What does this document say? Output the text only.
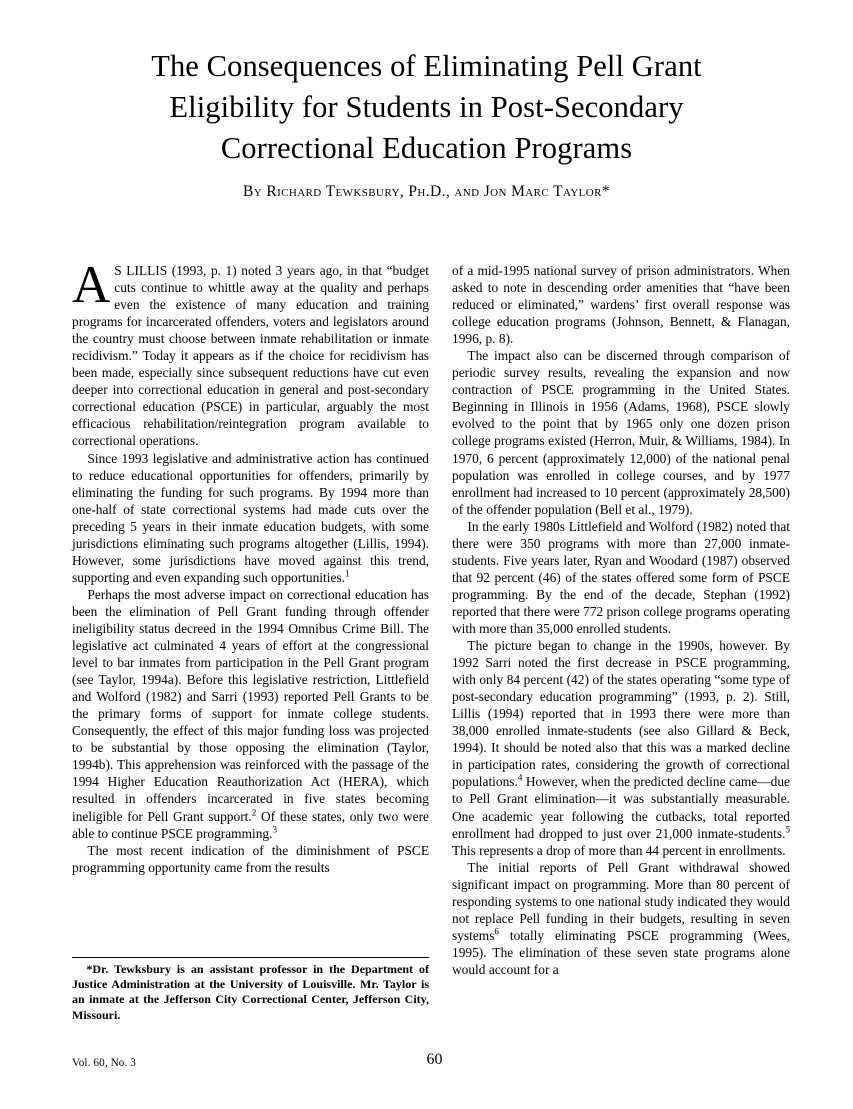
The Consequences of Eliminating Pell Grant
Eligibility for Students in Post-Secondary
Correctional Education Programs
By Richard Tewksbury, Ph.D., and Jon Marc Taylor*

A S LILLIS (1993, p. 1) noted 3 years ago, in that “budget cuts continue to whittle away at the quality and perhaps even the existence of many education and training programs for incarcerated offenders, voters and legislators around the country must choose between inmate rehabilitation or inmate recidivism.” Today it appears as if the choice for recidivism has been made, especially since subsequent reductions have cut even deeper into correctional education in general and post-secondary correctional education (PSCE) in particular, arguably the most efficacious rehabilitation/reintegration program available to correctional operations.

Since 1993 legislative and administrative action has continued to reduce educational opportunities for offenders, primarily by eliminating the funding for such programs. By 1994 more than one-half of state correctional systems had made cuts over the preceding 5 years in their inmate education budgets, with some jurisdictions eliminating such programs altogether (Lillis, 1994). However, some jurisdictions have moved against this trend, supporting and even expanding such opportunities.$^1$

Perhaps the most adverse impact on correctional education has been the elimination of Pell Grant funding through offender ineligibility status decreed in the 1994 Omnibus Crime Bill. The legislative act culminated 4 years of effort at the congressional level to bar inmates from participation in the Pell Grant program (see Taylor, 1994a). Before this legislative restriction, Littlefield and Wolford (1982) and Sarri (1993) reported Pell Grants to be the primary forms of support for inmate college students. Consequently, the effect of this major funding loss was projected to be substantial by those opposing the elimination (Taylor, 1994b). This apprehension was reinforced with the passage of the 1994 Higher Education Reauthorization Act (HERA), which resulted in offenders incarcerated in five states becoming ineligible for Pell Grant support.$^2$ Of these states, only two were able to continue PSCE programming.$^3$

The most recent indication of the diminishment of PSCE programming opportunity came from the results

of a mid-1995 national survey of prison administrators. When asked to note in descending order amenities that “have been reduced or eliminated,” wardens’ first overall response was college education programs (Johnson, Bennett, & Flanagan, 1996, p. 8).

The impact also can be discerned through comparison of periodic survey results, revealing the expansion and now contraction of PSCE programming in the United States. Beginning in Illinois in 1956 (Adams, 1968), PSCE slowly evolved to the point that by 1965 only one dozen prison college programs existed (Herron, Muir, & Williams, 1984). In 1970, 6 percent (approximately 12,000) of the national penal population was enrolled in college courses, and by 1977 enrollment had increased to 10 percent (approximately 28,500) of the offender population (Bell et al., 1979).

In the early 1980s Littlefield and Wolford (1982) noted that there were 350 programs with more than 27,000 inmate-students. Five years later, Ryan and Woodard (1987) observed that 92 percent (46) of the states offered some form of PSCE programming. By the end of the decade, Stephan (1992) reported that there were 772 prison college programs operating with more than 35,000 enrolled students.

The picture began to change in the 1990s, however. By 1992 Sarri noted the first decrease in PSCE programming, with only 84 percent (42) of the states operating “some type of post-secondary education programming” (1993, p. 2). Still, Lillis (1994) reported that in 1993 there were more than 38,000 enrolled inmate-students (see also Gillard & Beck, 1994). It should be noted also that this was a marked decline in participation rates, considering the growth of correctional populations.$^4$ However, when the predicted decline came—due to Pell Grant elimination—it was substantially measurable. One academic year following the cutbacks, total reported enrollment had dropped to just over 21,000 inmate-students.$^5$ This represents a drop of more than 44 percent in enrollments.

The initial reports of Pell Grant withdrawal showed significant impact on programming. More than 80 percent of responding systems to one national study indicated they would not replace Pell funding in their budgets, resulting in seven systems$^6$ totally eliminating PSCE programming (Wees, 1995). The elimination of these seven state programs alone would account for a

*Dr. Tewksbury is an assistant professor in the Department of Justice Administration at the University of Louisville. Mr. Taylor is an inmate at the Jefferson City Correctional Center, Jefferson City, Missouri.

Vol. 60, No. 3	60
